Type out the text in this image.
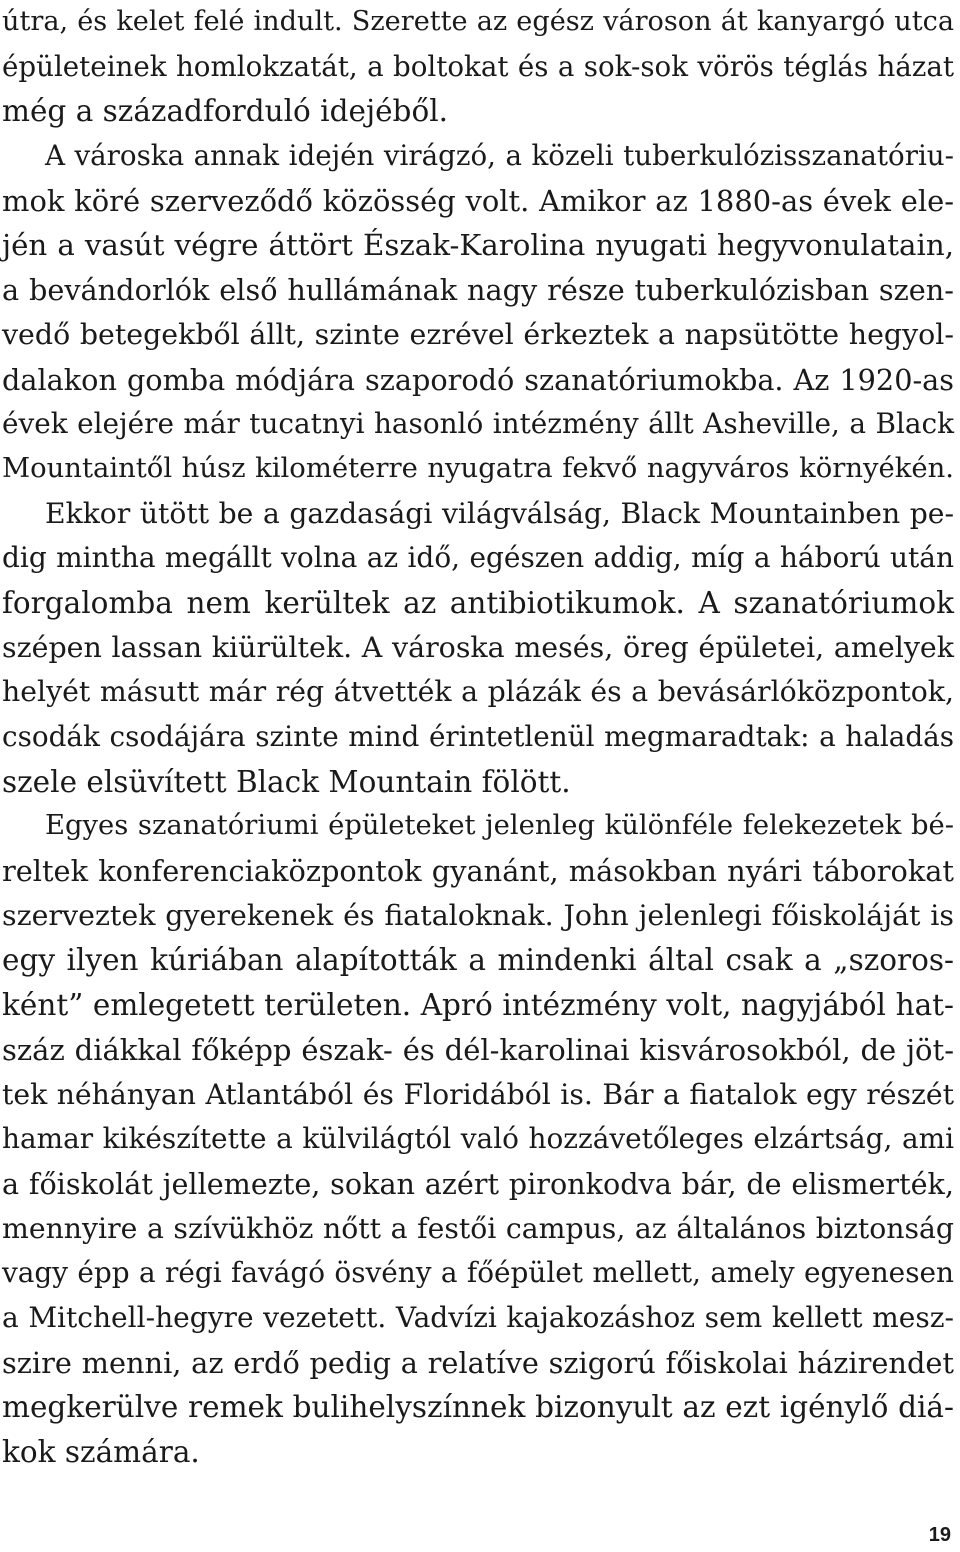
útra, és kelet felé indult. Szerette az egész városon át kanyargó utca
épületeinek homlokzatát, a boltokat és a sok-sok vörös téglás házat
még a századforduló idejéből.
A városka annak idején virágzó, a közeli tuberkulózisszanatóriu-
mok köré szerveződő közösség volt. Amikor az 1880-as évek ele-
jén a vasút végre áttört Észak-Karolina nyugati hegyvonulatain,
a bevándorlók első hullámának nagy része tuberkulózisban szen-
vedő betegekből állt, szinte ezrével érkeztek a napsütötte hegyol-
dalakon gomba módjára szaporodó szanatóriumokba. Az 1920-as
évek elejére már tucatnyi hasonló intézmény állt Asheville, a Black
Mountaintől húsz kilométerre nyugatra fekvő nagyváros környékén.
Ekkor ütött be a gazdasági világválság, Black Mountainben pe-
dig mintha megállt volna az idő, egészen addig, míg a háború után
forgalomba nem kerültek az antibiotikumok. A szanatóriumok
szépen lassan kiürültek. A városka mesés, öreg épületei, amelyek
helyét másutt már rég átvették a plázák és a bevásárlóközpontok,
csodák csodájára szinte mind érintetlenül megmaradtak: a haladás
szele elsüvített Black Mountain fölött.
Egyes szanatóriumi épületeket jelenleg különféle felekezetek bé-
reltek konferenciaközpontok gyanánt, másokban nyári táborokat
szerveztek gyerekenek és fiataloknak. John jelenlegi főiskoláját is
egy ilyen kúriában alapították a mindenki által csak a „szoros-
ként” emlegetett területen. Apró intézmény volt, nagyjából hat-
száz diákkal főképp észak- és dél-karolinai kisvárosokból, de jöt-
tek néhányan Atlantából és Floridából is. Bár a fiatalok egy részét
hamar kikészítette a külvilágtól való hozzávetőleges elzártság, ami
a főiskolát jellemezte, sokan azért pironkodva bár, de elismerték,
mennyire a szívükhöz nőtt a festői campus, az általános biztonság
vagy épp a régi favágó ösvény a főépület mellett, amely egyenesen
a Mitchell-hegyre vezetett. Vadvízi kajakozáshoz sem kellett mesz-
szire menni, az erdő pedig a relatíve szigorú főiskolai házirendet
megkerülve remek bulihelyszínnek bizonyult az ezt igénylő diá-
kok számára.
19
